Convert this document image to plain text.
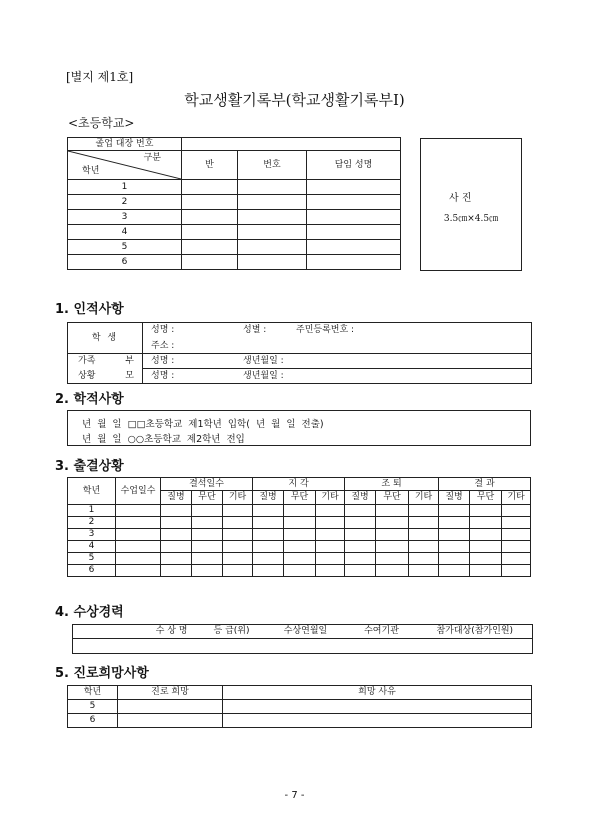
[별지 제1호]
학교생활기록부(학교생활기록부Ⅰ)
<초등학교>
졸업 대장 번호			

구분
학년	반	번호	담임 성명
1			
2			
3			
4			
5			
6			
사 진
3.5㎝×4.5㎝
1. 인적사항
학 생	성명 : 성별 : 주민등록번호 :
주소 :

가족 부	성명 : 생년월일 :

상황 모	성명 : 생년월일 :
2. 학적사항
년 월 일 □□초등학교 제1학년 입학( 년 월 일 전출)
년 월 일 ○○초등학교 제2학년 전입
3. 출결상황
학년	수업일수	결석일수			지 각			조 퇴			결 과		
		질병	무단	기타	질병	무단	기타	질병	무단	기타	질병	무단	기타
1													
2													
3													
4													
5													
6													
4. 수상경력
수 상 명	등 급(위)	수상연월일	수여기관	참가대상(참가인원)

5. 진로희망사항
학년	진로 희망	희망 사유
5		
6		
- 7 -
